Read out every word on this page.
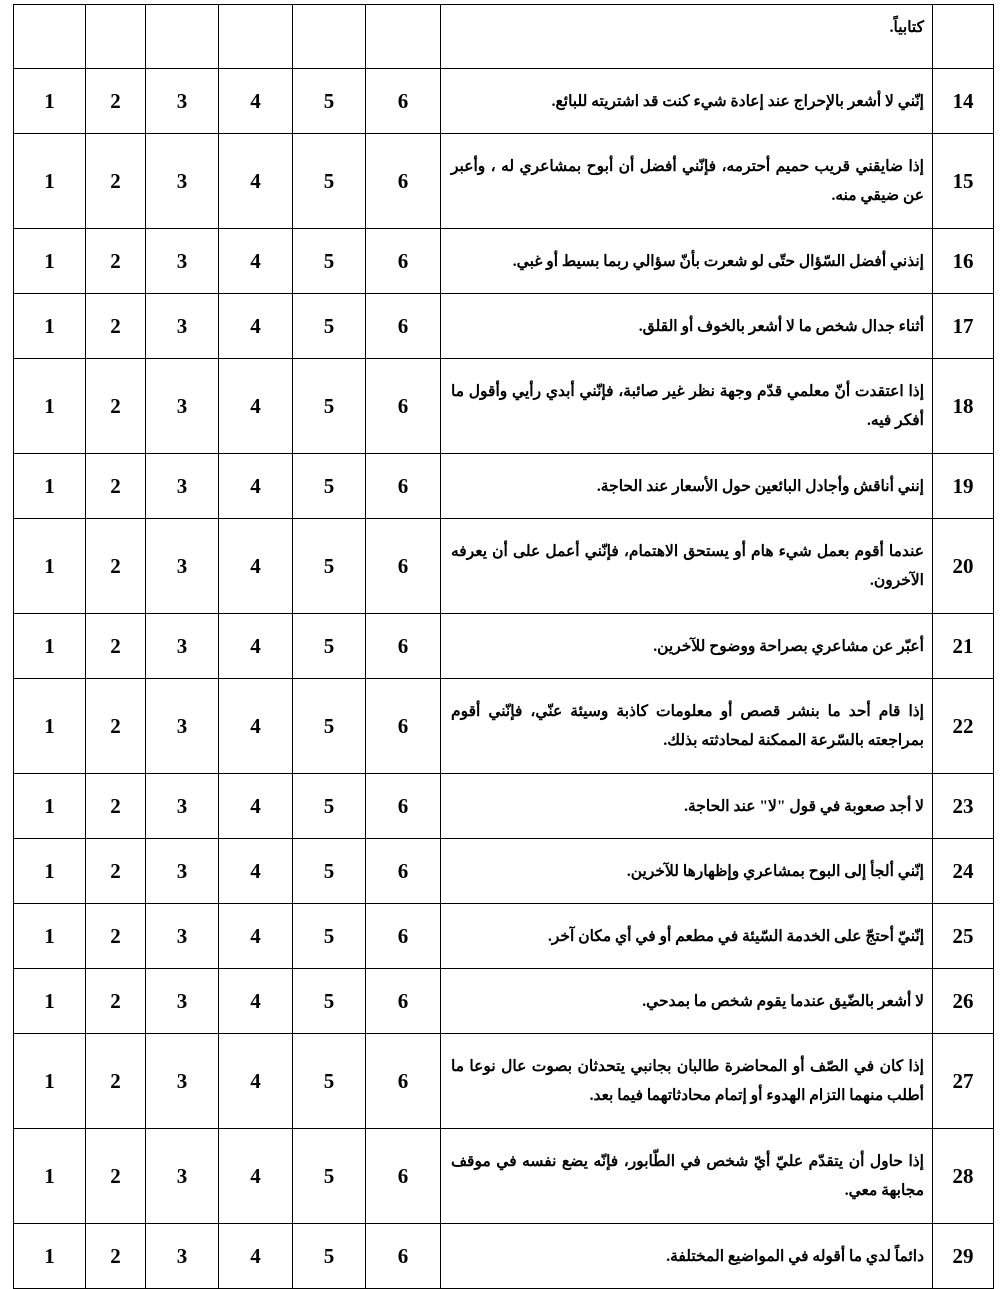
						كتابياً.	
1	2	3	4	5	6	إنّني لا أشعر بالإحراج عند إعادة شيء كنت قد اشتريته للبائع.	14
1	2	3	4	5	6	إذا ضايقني قريب حميم أحترمه، فإنّني أفضل أن أبوح بمشاعري له ، وأعبر عن ضيقي منه.	15
1	2	3	4	5	6	إنذني أفضل السّؤال حتّى لو شعرت بأنّ سؤالي ربما بسيط أو غبي.	16
1	2	3	4	5	6	أثناء جدال شخص ما لا أشعر بالخوف أو القلق.	17
1	2	3	4	5	6	إذا اعتقدت أنّ معلمي قدّم وجهة نظر غير صائبة، فإنّني أبدي رأيي وأقول ما أفكر فيه.	18
1	2	3	4	5	6	إنني أناقش وأجادل البائعين حول الأسعار عند الحاجة.	19
1	2	3	4	5	6	عندما أقوم بعمل شيء هام أو يستحق الاهتمام، فإنّني أعمل على أن يعرفه الآخرون.	20
1	2	3	4	5	6	أعبّر عن مشاعري بصراحة ووضوح للآخرين.	21
1	2	3	4	5	6	إذا قام أحد ما بنشر قصص أو معلومات كاذبة وسيئة عنّي، فإنّني أقوم بمراجعته بالسّرعة الممكنة لمحادثته بذلك.	22
1	2	3	4	5	6	لا أجد صعوبة في قول "لا" عند الحاجة.	23
1	2	3	4	5	6	إنّني ألجأ إلى البوح بمشاعري وإظهارها للآخرين.	24
1	2	3	4	5	6	إنّنيّ أحتجّ على الخدمة السّيئة في مطعم أو في أي مكان آخر.	25
1	2	3	4	5	6	لا أشعر بالضّيق عندما يقوم شخص ما بمدحي.	26
1	2	3	4	5	6	إذا كان في الصّف أو المحاضرة طالبان بجانبي يتحدثان بصوت عال نوعا ما أطلب منهما التزام الهدوء أو إتمام محادثاتهما فيما بعد.	27
1	2	3	4	5	6	إذا حاول أن يتقدّم عليّ أيّ شخص في الطّابور، فإنّه يضع نفسه في موقف مجابهة معي.	28
1	2	3	4	5	6	دائماً لدي ما أقوله في المواضيع المختلفة.	29
